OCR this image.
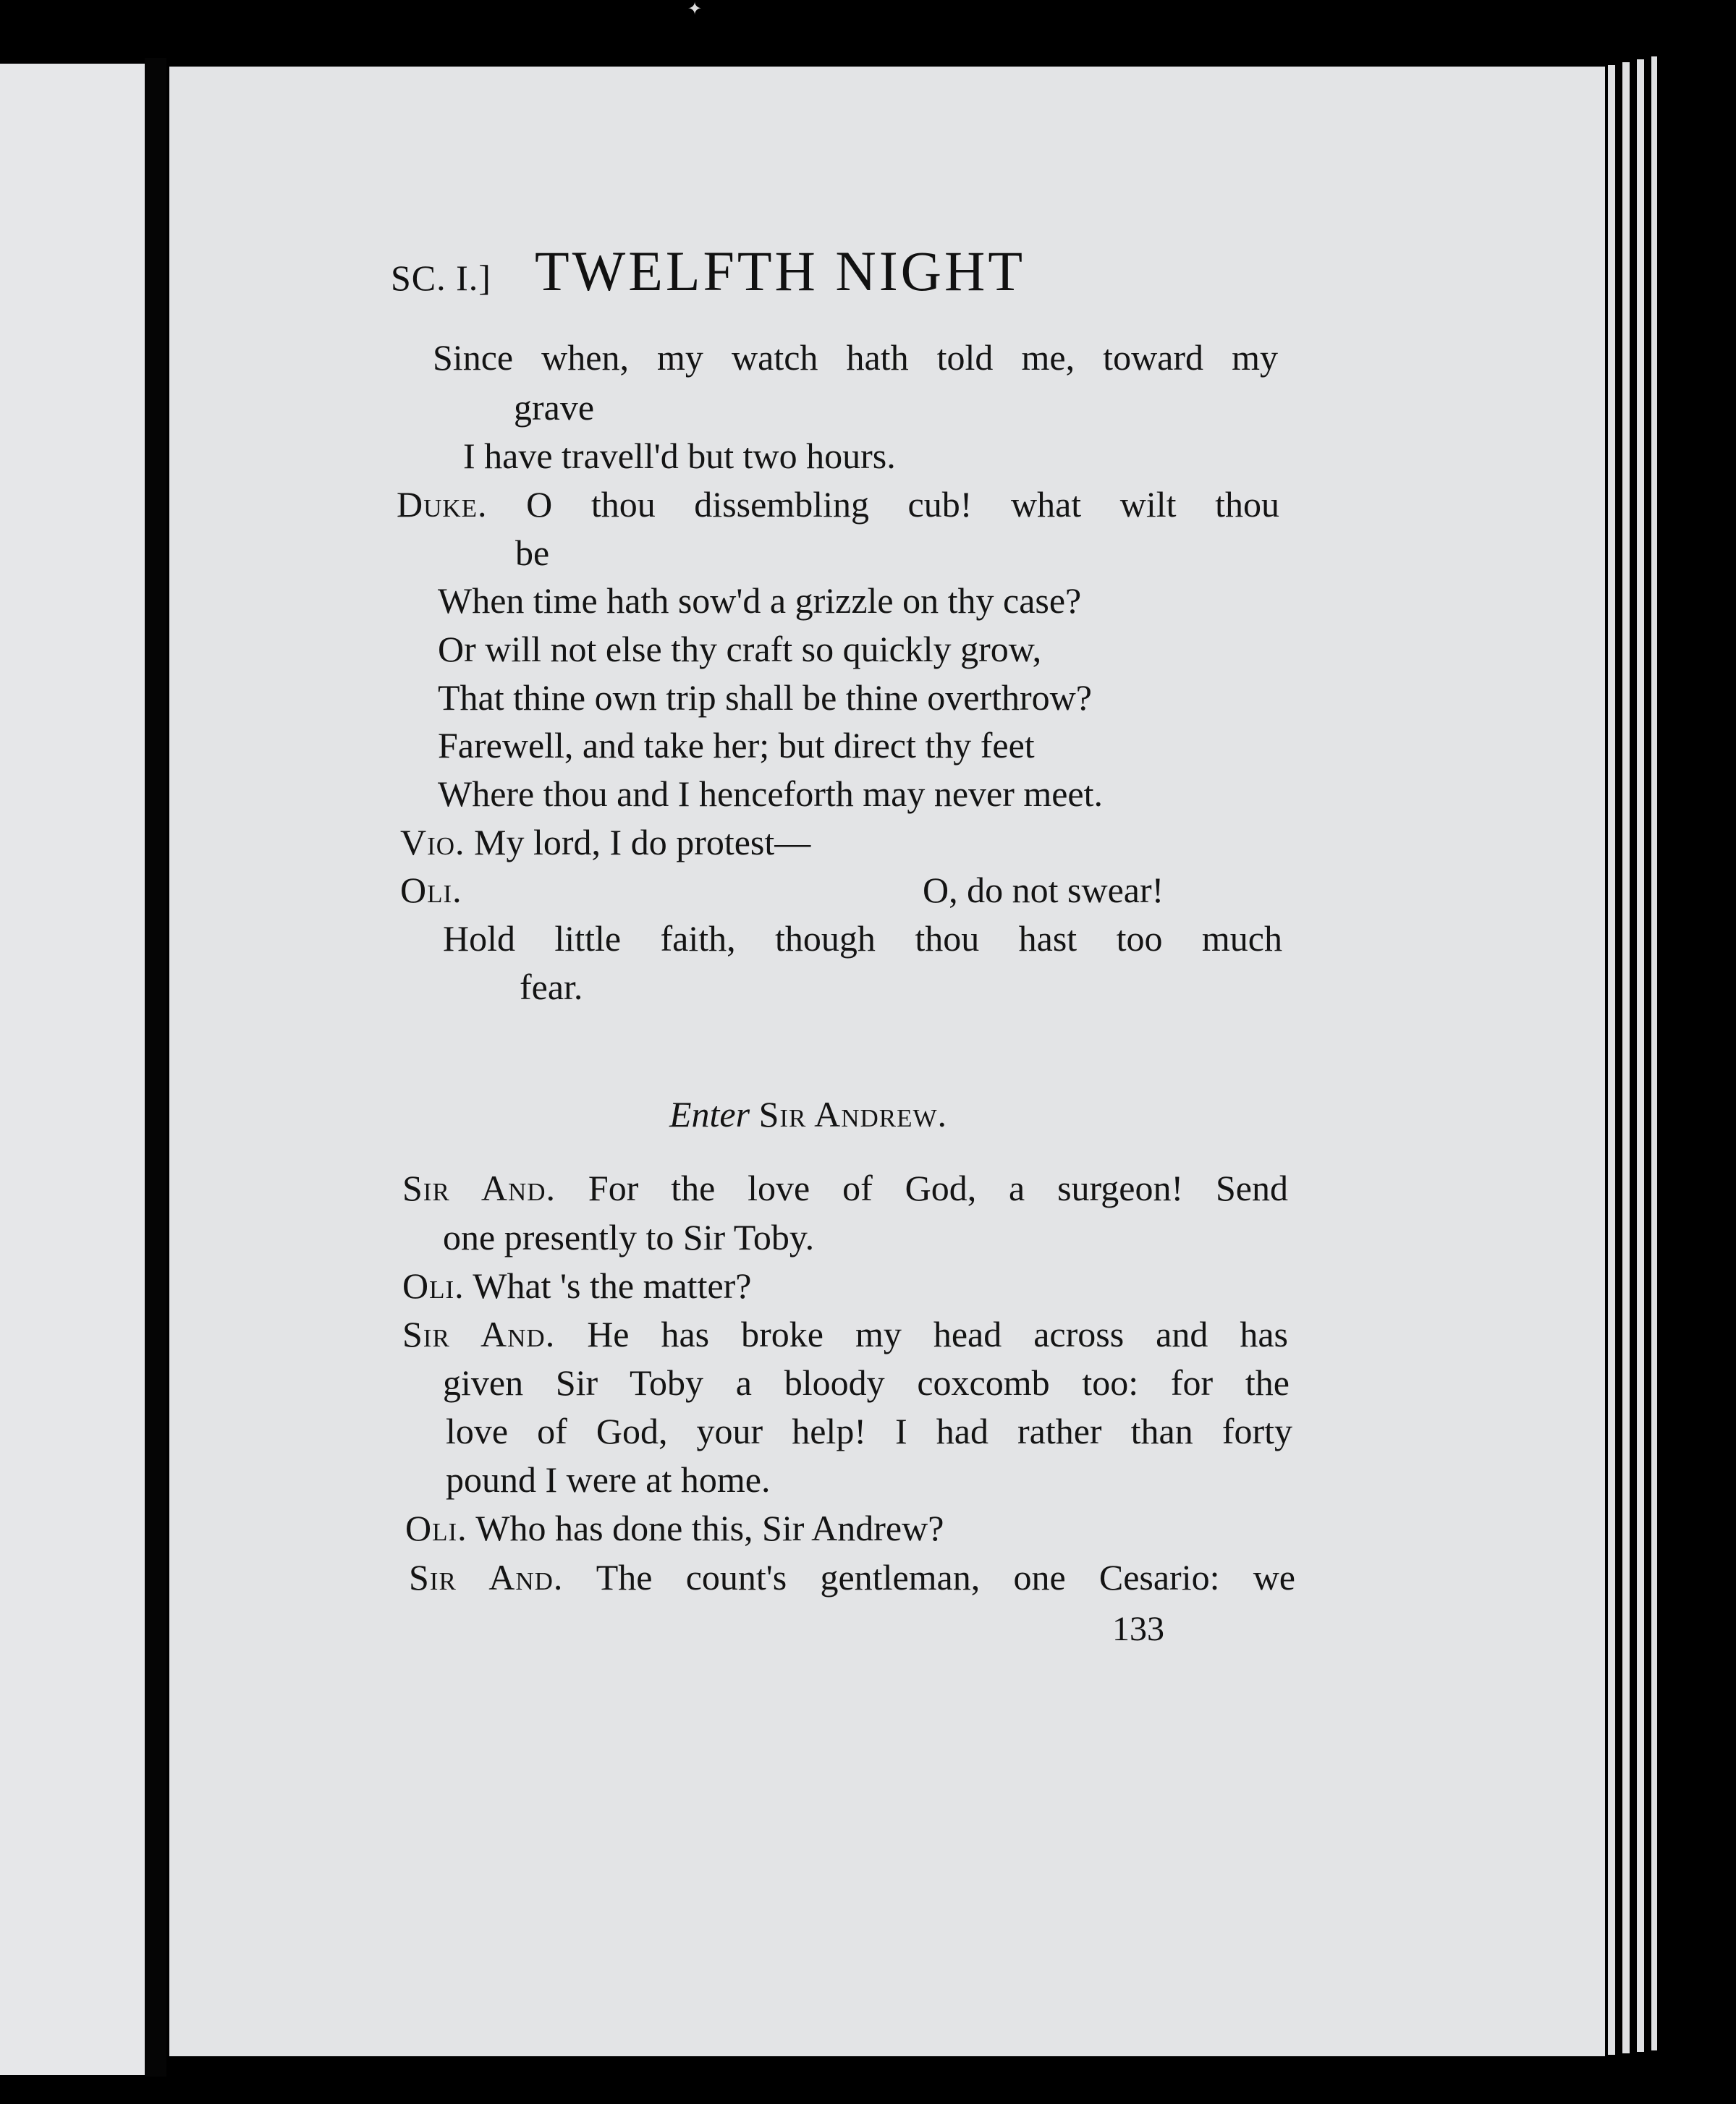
✦
SC. I.] TWELFTH NIGHT
Since when, my watch hath told me, toward my
grave
I have travell'd but two hours.
Duke. O thou dissembling cub! what wilt thou
be
When time hath sow'd a grizzle on thy case?
Or will not else thy craft so quickly grow,
That thine own trip shall be thine overthrow?
Farewell, and take her; but direct thy feet
Where thou and I henceforth may never meet.
Vio. My lord, I do protest—
Oli.	O, do not swear!
Hold little faith, though thou hast too much
fear.
Enter Sir Andrew.
Sir And. For the love of God, a surgeon! Send
one presently to Sir Toby.
Oli. What 's the matter?
Sir And. He has broke my head across and has
given Sir Toby a bloody coxcomb too: for the
love of God, your help! I had rather than forty
pound I were at home.
Oli. Who has done this, Sir Andrew?
Sir And. The count's gentleman, one Cesario: we
133
